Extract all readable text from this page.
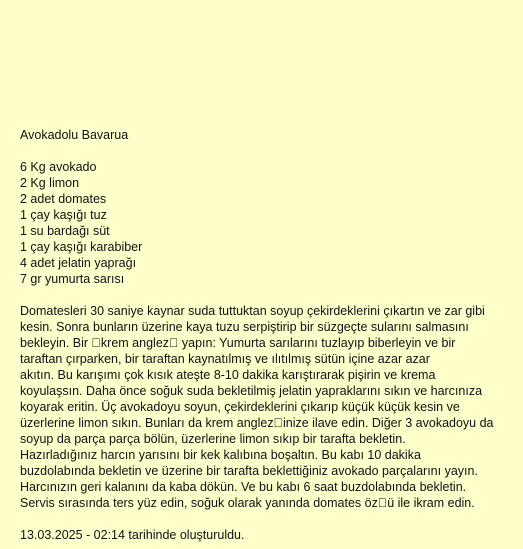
Avokadolu Bavarua
6 Kg avokado
2 Kg limon
2 adet domates
1 çay kaşığı tuz
1 su bardağı süt
1 çay kaşığı karabiber
4 adet jelatin yaprağı
7 gr yumurta sarısı

Domatesleri 30 saniye kaynar suda tuttuktan soyup çekirdeklerini çıkartın ve zar gibi
kesin. Sonra bunların üzerine kaya tuzu serpiştirip bir süzgeçte sularını salmasını
bekleyin. Bir  krem anglez  yapın: Yumurta sarılarını tuzlayıp biberleyin ve bir
taraftan çırparken, bir taraftan kaynatılmış ve ılıtılmış sütün içine azar azar
akıtın. Bu karışımı çok kısık ateşte 8-10 dakika karıştırarak pişirin ve krema
koyulaşsın. Daha önce soğuk suda bekletilmiş jelatin yapraklarını sıkın ve harcınıza
koyarak eritin. Üç avokadoyu soyun, çekirdeklerini çıkarıp küçük küçük kesin ve
üzerlerine limon sıkın. Bunları da krem anglez inize ilave edin. Diğer 3 avokadoyu da
soyup da parça parça bölün, üzerlerine limon sıkıp bir tarafta bekletin.
Hazırladığınız harcın yarısını bir kek kalıbına boşaltın. Bu kabı 10 dakika
buzdolabında bekletin ve üzerine bir tarafta beklettiğiniz avokado parçalarını yayın.
Harcınızın geri kalanını da kaba dökün. Ve bu kabı 6 saat buzdolabında bekletin.
Servis sırasında ters yüz edin, soğuk olarak yanında domates öz ü ile ikram edin.

13.03.2025 - 02:14 tarihinde oluşturuldu.
